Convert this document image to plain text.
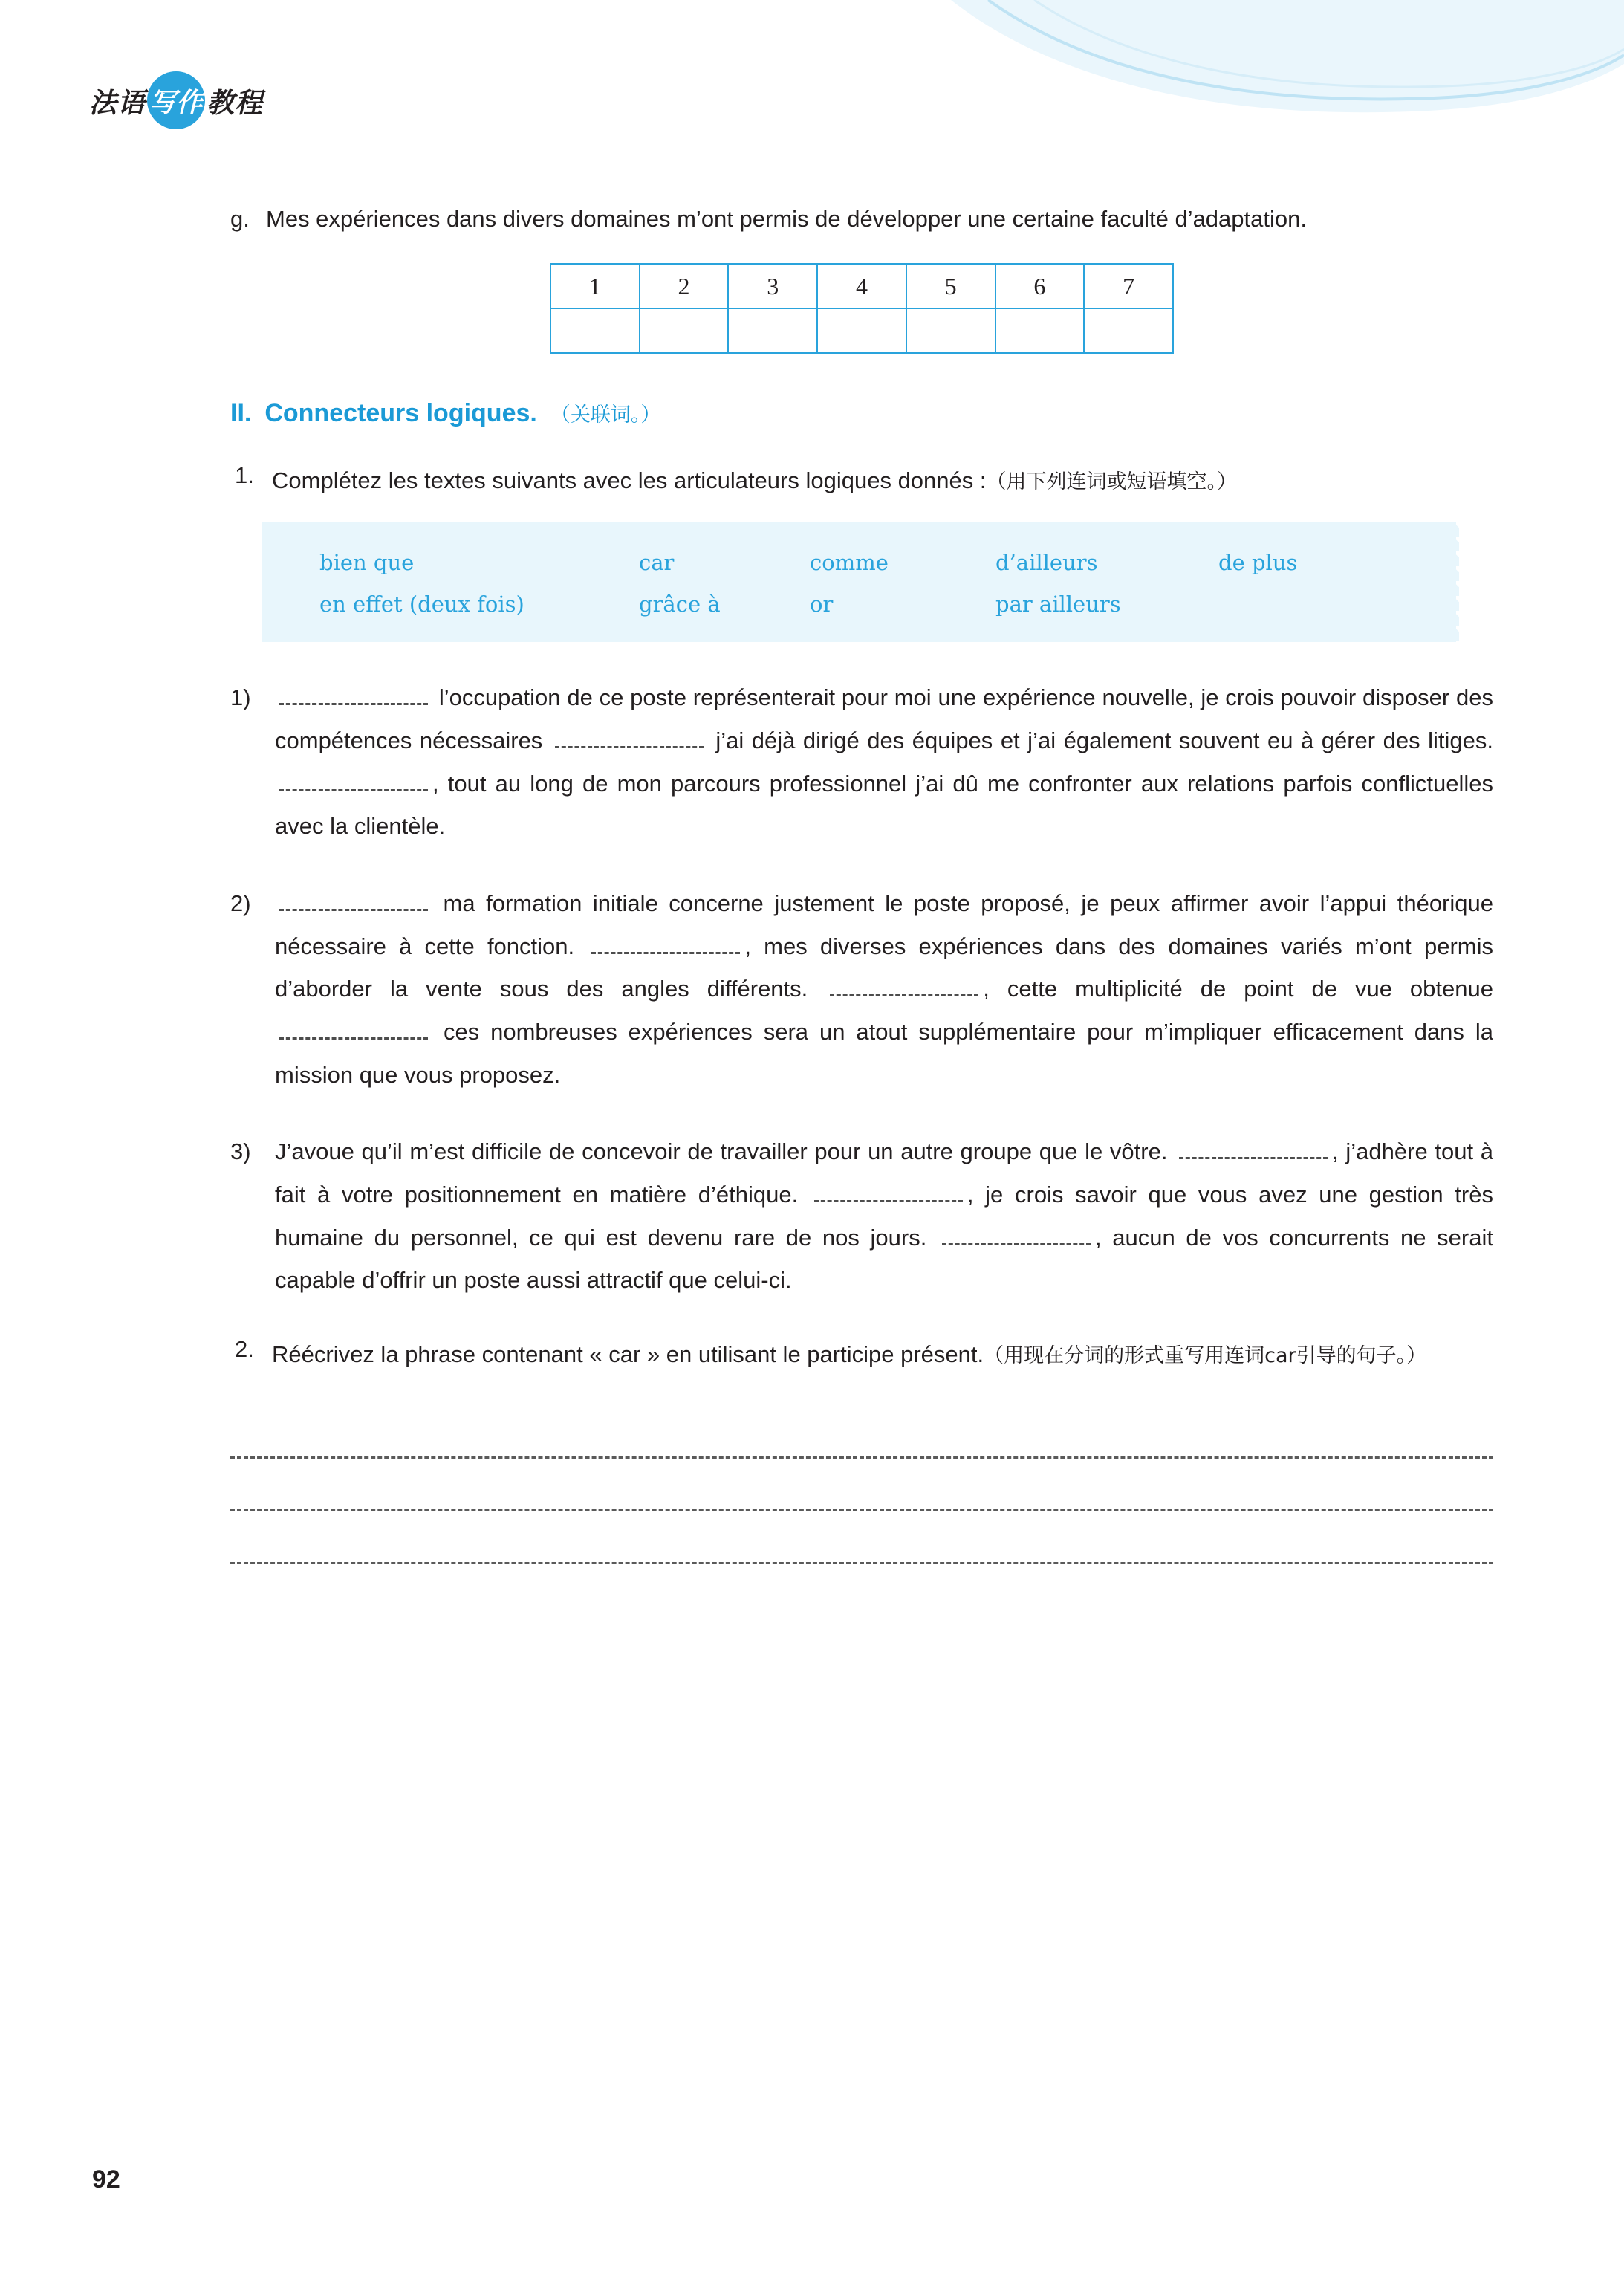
法语 写作 教程
g. Mes expériences dans divers domaines m’ont permis de développer une certaine faculté d’adaptation.
1	2	3	4	5	6	7

II. Connecteurs logiques. （关联词。）
1. Complétez les textes suivants avec les articulateurs logiques donnés :（用下列连词或短语填空。）
bien que	car	comme	d’ailleurs	de plus
en effet (deux fois)	grâce à	or	par ailleurs
1)	l’occupation de ce poste représenterait pour moi une expérience nouvelle, je crois pouvoir disposer des compétences nécessaires	j’ai déjà dirigé des équipes et j’ai également souvent eu à gérer des litiges. , tout au long de mon parcours professionnel j’ai dû me confronter aux relations parfois conflictuelles avec la clientèle.
2)	ma formation initiale concerne justement le poste proposé, je peux affirmer avoir l’appui théorique nécessaire à cette fonction.	, mes diverses expériences dans des domaines variés m’ont permis d’aborder la vente sous des angles différents.	, cette multiplicité de point de vue obtenue  ces nombreuses expériences sera un atout supplémentaire pour m’impliquer efficacement dans la mission que vous proposez.
3) J’avoue qu’il m’est difficile de concevoir de travailler pour un autre groupe que le vôtre.	, j’adhère tout à fait à votre positionnement en matière d’éthique.	, je crois savoir que vous avez une gestion très humaine du personnel, ce qui est devenu rare de nos jours.	, aucun de vos concurrents ne serait capable d’offrir un poste aussi attractif que celui-ci.
2. Réécrivez la phrase contenant « car » en utilisant le participe présent.（用现在分词的形式重写用连词car引导的句子。）
92
